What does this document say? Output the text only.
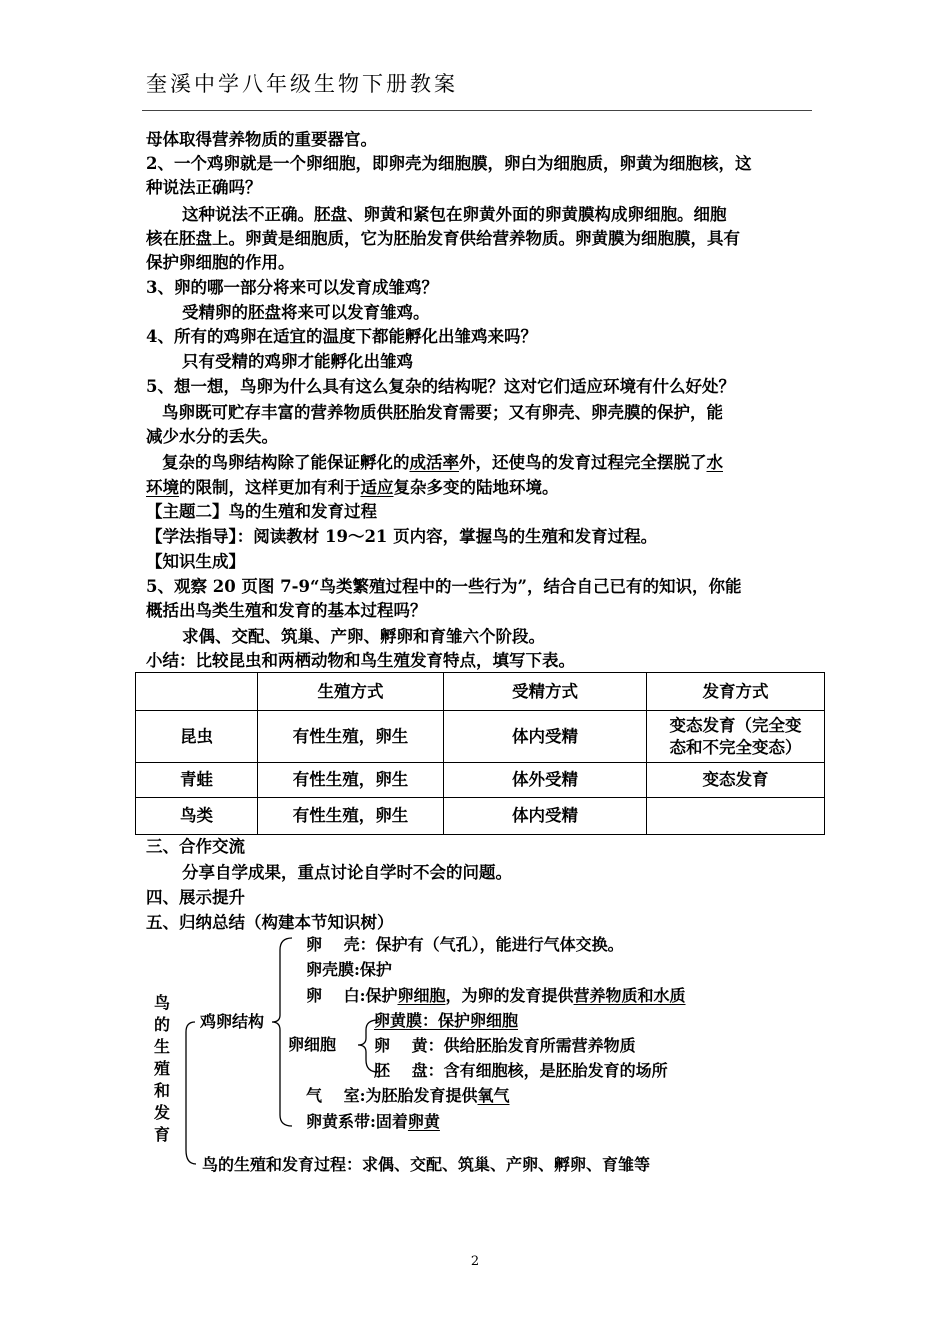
奎溪中学八年级生物下册教案
母体取得营养物质的重要器官。
2、一个鸡卵就是一个卵细胞，即卵壳为细胞膜，卵白为细胞质，卵黄为细胞核，这
种说法正确吗？
这种说法不正确。胚盘、卵黄和紧包在卵黄外面的卵黄膜构成卵细胞。细胞
核在胚盘上。卵黄是细胞质，它为胚胎发育供给营养物质。卵黄膜为细胞膜，具有
保护卵细胞的作用。
3、卵的哪一部分将来可以发育成雏鸡？
受精卵的胚盘将来可以发育雏鸡。
4、所有的鸡卵在适宜的温度下都能孵化出雏鸡来吗？
只有受精的鸡卵才能孵化出雏鸡
5、想一想，鸟卵为什么具有这么复杂的结构呢？这对它们适应环境有什么好处？
鸟卵既可贮存丰富的营养物质供胚胎发育需要；又有卵壳、卵壳膜的保护，能
减少水分的丢失。
复杂的鸟卵结构除了能保证孵化的成活率外，还使鸟的发育过程完全摆脱了水
环境的限制，这样更加有利于适应复杂多变的陆地环境。
【主题二】鸟的生殖和发育过程
【学法指导】：阅读教材 19～21 页内容，掌握鸟的生殖和发育过程。
【知识生成】
5、观察 20 页图 7-9“鸟类繁殖过程中的一些行为”，结合自己已有的知识，你能
概括出鸟类生殖和发育的基本过程吗？
求偶、交配、筑巢、产卵、孵卵和育雏六个阶段。
小结：比较昆虫和两栖动物和鸟生殖发育特点，填写下表。
	生殖方式	受精方式	发育方式
昆虫	有性生殖，卵生	体内受精	变态发育（完全变
态和不完全变态）

青蛙	有性生殖，卵生	体外受精	变态发育
鸟类	有性生殖，卵生	体内受精	
三、合作交流
分享自学成果，重点讨论自学时不会的问题。
四、展示提升
五、归纳总结（构建本节知识树）
鸟
的
生
殖
和
发
育
鸡卵结构
卵　 壳：保护有（气孔），能进行气体交换。
卵壳膜:保护
卵　 白:保护卵细胞，为卵的发育提供营养物质和水质
卵细胞
卵黄膜：保护卵细胞
卵　 黄：供给胚胎发育所需营养物质
胚　 盘：含有细胞核，是胚胎发育的场所
气　 室:为胚胎发育提供氧气
卵黄系带:固着卵黄
鸟的生殖和发育过程：求偶、交配、筑巢、产卵、孵卵、育雏等
2
